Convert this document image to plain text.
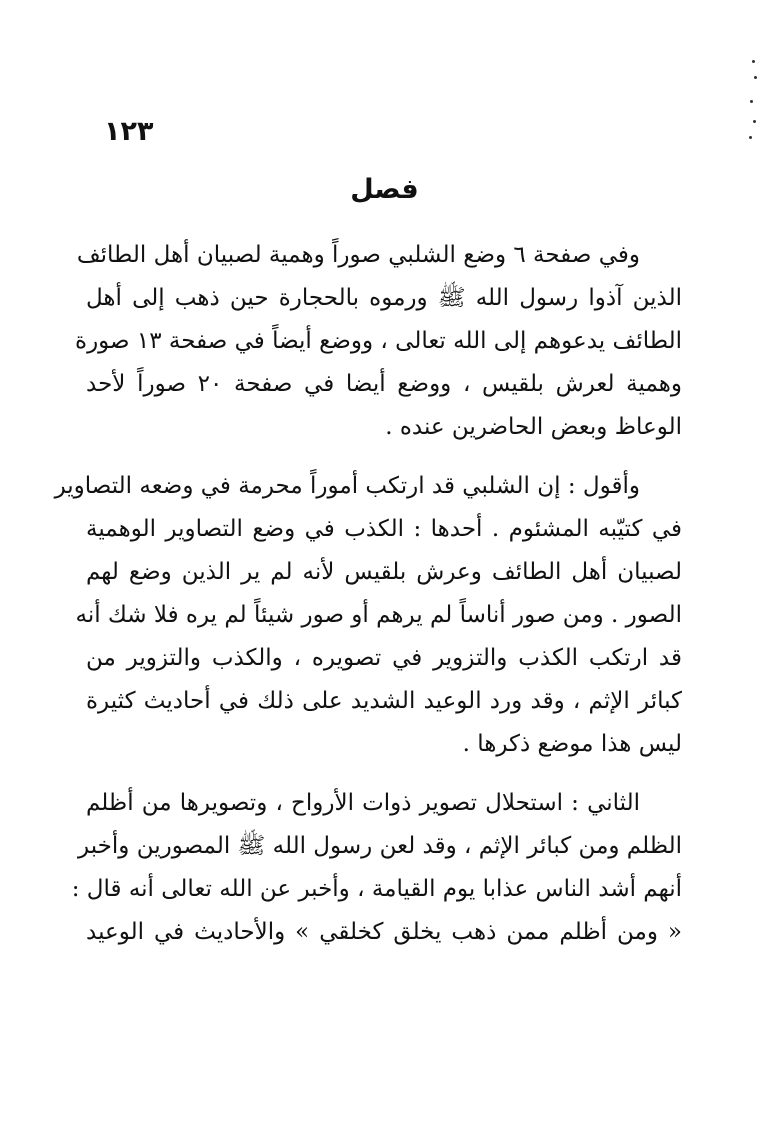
١٢٣
فصل
وفي صفحة ٦ وضع الشلبي صوراً وهمية لصبيان أهل الطائف
الذين آذوا رسول الله ﷺ ورموه بالحجارة حين ذهب إلى أهل
الطائف يدعوهم إلى الله تعالى ، ووضع أيضاً في صفحة ١٣ صورة
وهمية لعرش بلقيس ، ووضع أيضا في صفحة ٢٠ صوراً لأحد
الوعاظ وبعض الحاضرين عنده .
وأقول : إن الشلبي قد ارتكب أموراً محرمة في وضعه التصاوير
في كتيّبه المشئوم . أحدها : الكذب في وضع التصاوير الوهمية
لصبيان أهل الطائف وعرش بلقيس لأنه لم ير الذين وضع لهم
الصور . ومن صور أناساً لم يرهم أو صور شيئاً لم يره فلا شك أنه
قد ارتكب الكذب والتزوير في تصويره ، والكذب والتزوير من
كبائر الإثم ، وقد ورد الوعيد الشديد على ذلك في أحاديث كثيرة
ليس هذا موضع ذكرها .
الثاني : استحلال تصوير ذوات الأرواح ، وتصويرها من أظلم
الظلم ومن كبائر الإثم ، وقد لعن رسول الله ﷺ المصورين وأخبر
أنهم أشد الناس عذابا يوم القيامة ، وأخبر عن الله تعالى أنه قال :
« ومن أظلم ممن ذهب يخلق كخلقي » والأحاديث في الوعيد
